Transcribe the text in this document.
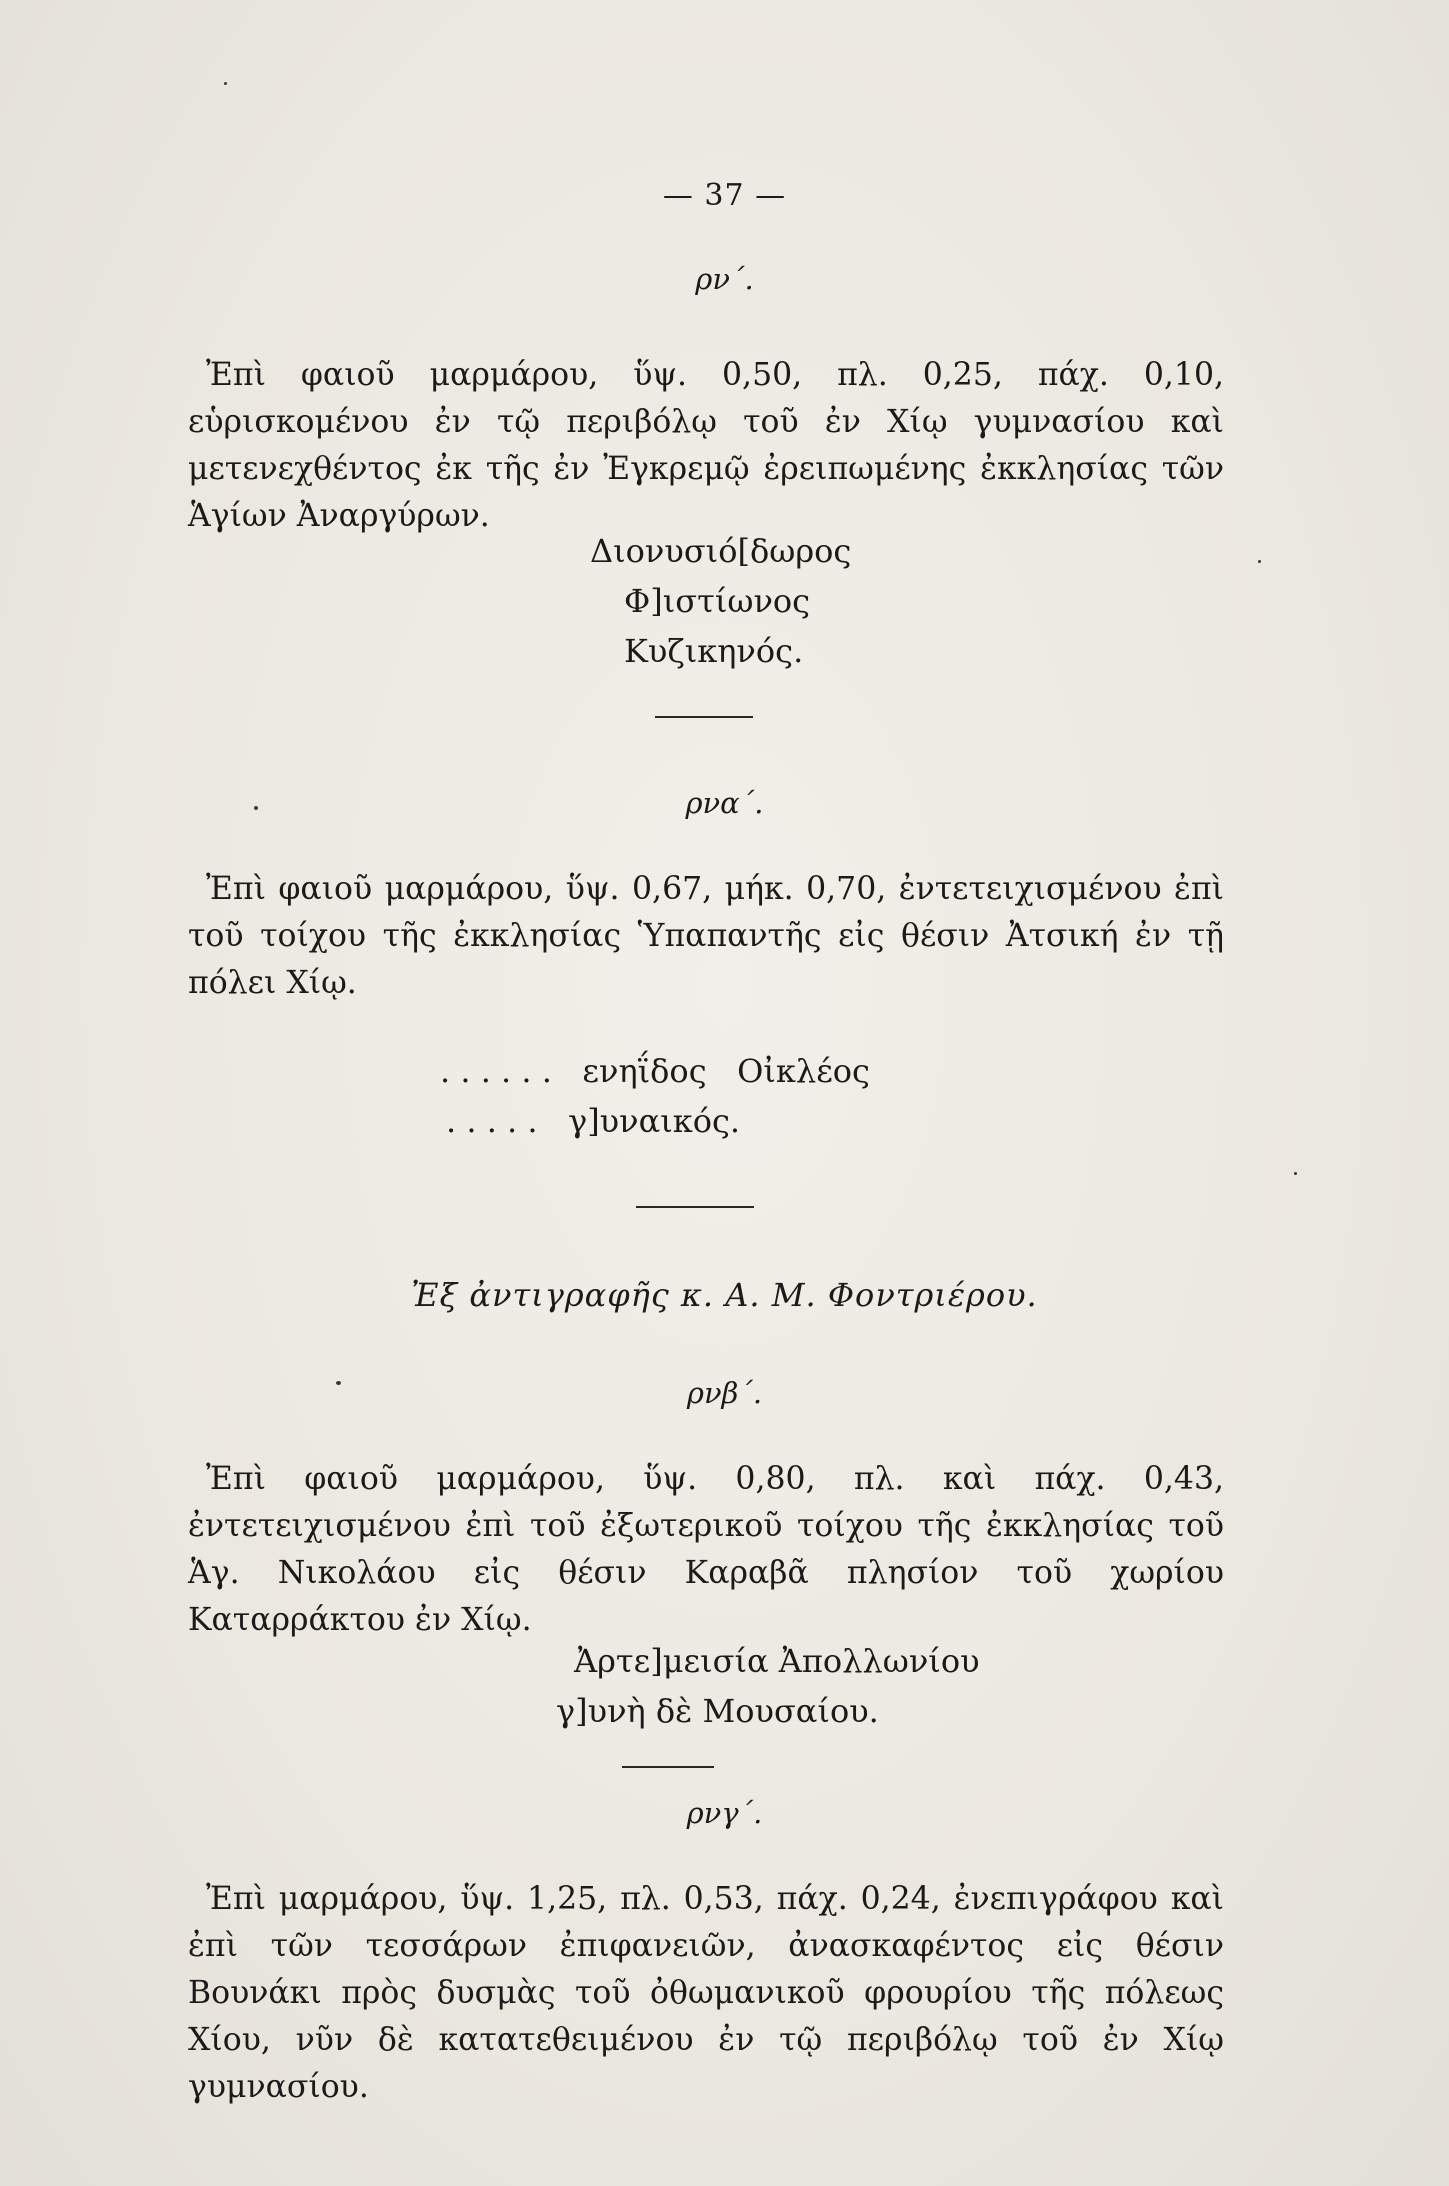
— 37 —
ρν΄.
Ἐπὶ φαιοῦ μαρμάρου, ὕψ. 0,50, πλ. 0,25, πάχ. 0,10, εὑρισκομένου ἐν τῷ περιβόλῳ τοῦ ἐν Χίῳ γυμνασίου καὶ μετενεχθέντος ἐκ τῆς ἐν Ἐγκρεμῷ ἐρειπωμένης ἐκκλησίας τῶν Ἁγίων Ἀναργύρων.
Διονυσιό[δωρος
Φ]ιστίωνος
Κυζικηνός.
ρνα΄.
Ἐπὶ φαιοῦ μαρμάρου, ὕψ. 0,67, μήκ. 0,70, ἐντετειχισμένου ἐπὶ τοῦ τοίχου τῆς ἐκκλησίας Ὑπαπαντῆς εἰς θέσιν Ἀτσική ἐν τῇ πόλει Χίῳ.
. . . . . .   ενηΐδος   Οἰκλέος
. . . . .   γ]υναικός.
Ἐξ ἀντιγραφῆς κ. Α. Μ. Φοντριέρου.
ρνβ΄.
Ἐπὶ φαιοῦ μαρμάρου, ὕψ. 0,80, πλ. καὶ πάχ. 0,43, ἐντετειχισμένου ἐπὶ τοῦ ἐξωτερικοῦ τοίχου τῆς ἐκκλησίας τοῦ Ἁγ. Νικολάου εἰς θέσιν Καραβᾶ πλησίον τοῦ χωρίου Καταρράκτου ἐν Χίῳ.
Ἀρτε]μεισία Ἀπολλωνίου
γ]υνὴ δὲ Μουσαίου.
ρνγ΄.
Ἐπὶ μαρμάρου, ὕψ. 1,25, πλ. 0,53, πάχ. 0,24, ἐνεπιγράφου καὶ ἐπὶ τῶν τεσσάρων ἐπιφανειῶν, ἀνασκαφέντος εἰς θέσιν Βουνάκι πρὸς δυσμὰς τοῦ ὀθωμανικοῦ φρουρίου τῆς πόλεως Χίου, νῦν δὲ κατατεθειμένου ἐν τῷ περιβόλῳ τοῦ ἐν Χίῳ γυμνασίου.
